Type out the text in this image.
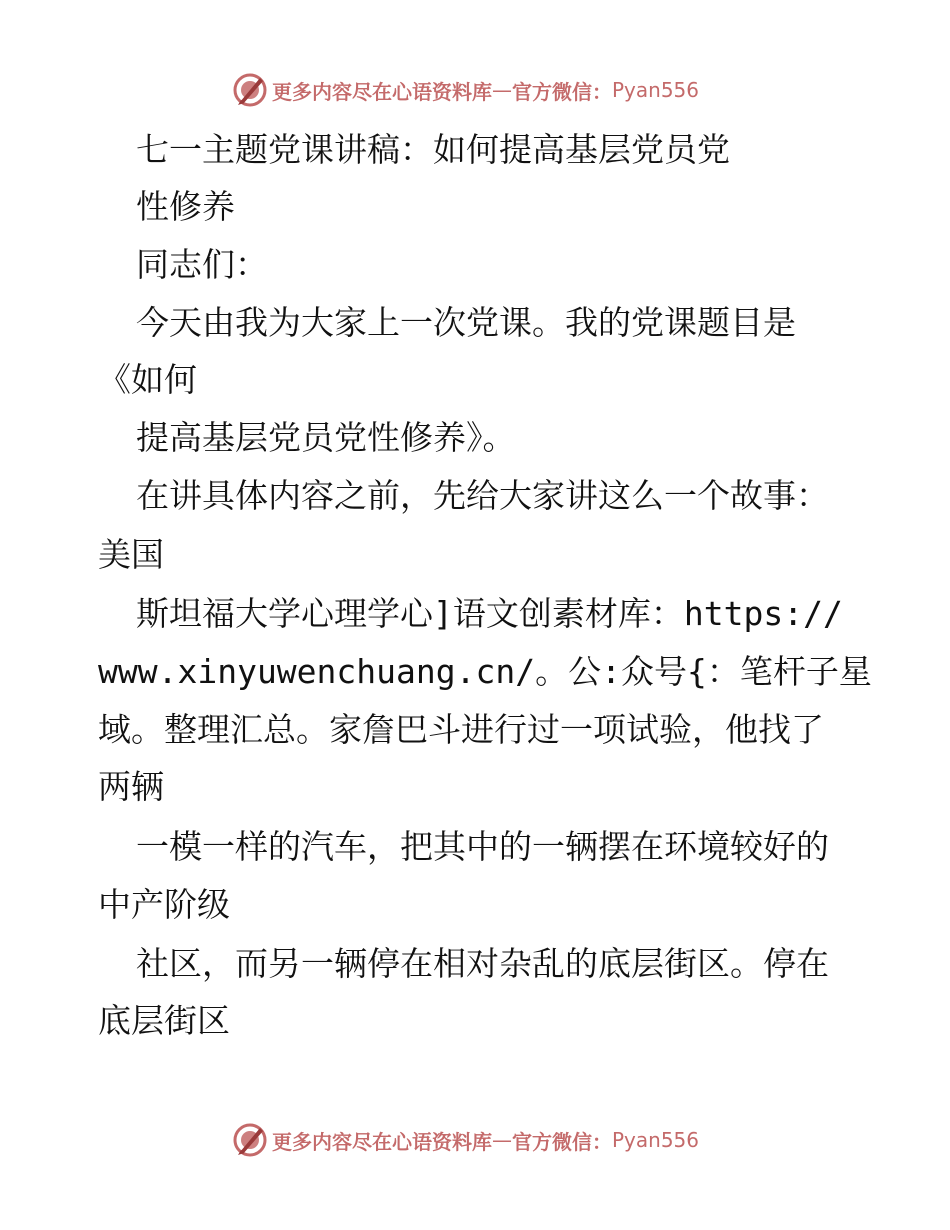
更多内容尽在心语资料库 — 官方微信： Pyan556
七一主题党课讲稿：如何提高基层党员党
性修养
同志们：
今天由我为大家上一次党课。我的党课题目是
《如何
提高基层党员党性修养》。
在讲具体内容之前，先给大家讲这么一个故事：
美国
斯坦福大学心理学心]语文创素材库：https://
www.xinyuwenchuang.cn/。公:众号{：笔杆子星
域。整理汇总。家詹巴斗进行过一项试验，他找了
两辆
一模一样的汽车，把其中的一辆摆在环境较好的
中产阶级
社区，而另一辆停在相对杂乱的底层街区。停在
底层街区
更多内容尽在心语资料库 — 官方微信： Pyan556
